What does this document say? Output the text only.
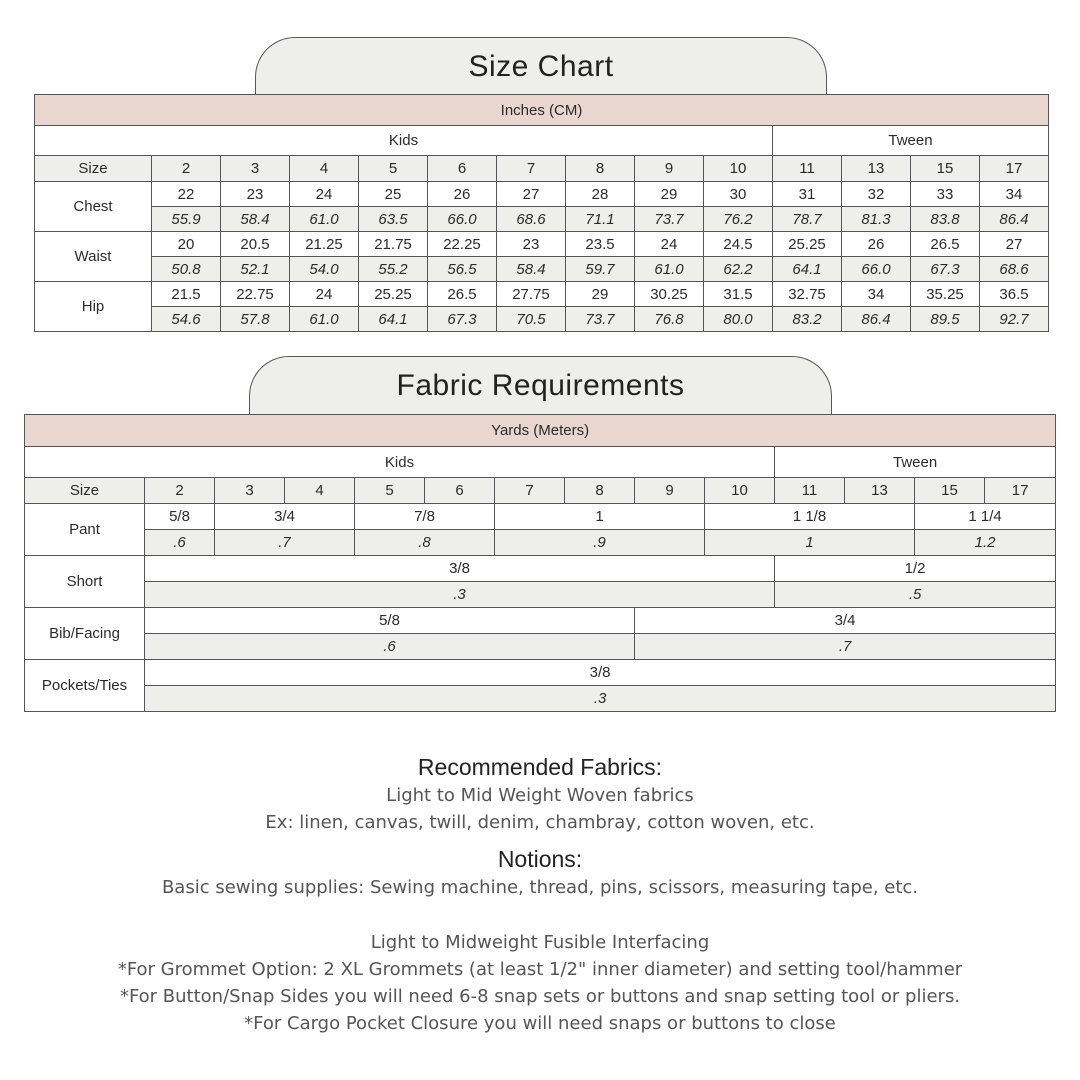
Size Chart
Inches (CM)													
Kids										Tween			
Size	2	3	4	5	6	7	8	9	10	11	13	15	17
Chest	22	23	24	25	26	27	28	29	30	31	32	33	34
	55.9	58.4	61.0	63.5	66.0	68.6	71.1	73.7	76.2	78.7	81.3	83.8	86.4
Waist	20	20.5	21.25	21.75	22.25	23	23.5	24	24.5	25.25	26	26.5	27
	50.8	52.1	54.0	55.2	56.5	58.4	59.7	61.0	62.2	64.1	66.0	67.3	68.6
Hip	21.5	22.75	24	25.25	26.5	27.75	29	30.25	31.5	32.75	34	35.25	36.5
	54.6	57.8	61.0	64.1	67.3	70.5	73.7	76.8	80.0	83.2	86.4	89.5	92.7
Fabric Requirements
Yards (Meters)													
Kids										Tween			
Size	2	3	4	5	6	7	8	9	10	11	13	15	17
Pant	5/8	3/4		7/8		1			1 1/8			1 1/4	
	.6	.7		.8		.9			1			1.2	
Short	3/8									1/2			
	.3									.5			
Bib/Facing	5/8							3/4					
	.6							.7					
Pockets/Ties	3/8												
	.3												
Recommended Fabrics:
Light to Mid Weight Woven fabrics
Ex: linen, canvas, twill, denim, chambray, cotton woven, etc.
Notions:
Basic sewing supplies: Sewing machine, thread, pins, scissors, measuring tape, etc.
Light to Midweight Fusible Interfacing
*For Grommet Option: 2 XL Grommets (at least 1/2" inner diameter) and setting tool/hammer
*For Button/Snap Sides you will need 6-8 snap sets or buttons and snap setting tool or pliers.
*For Cargo Pocket Closure you will need snaps or buttons to close
